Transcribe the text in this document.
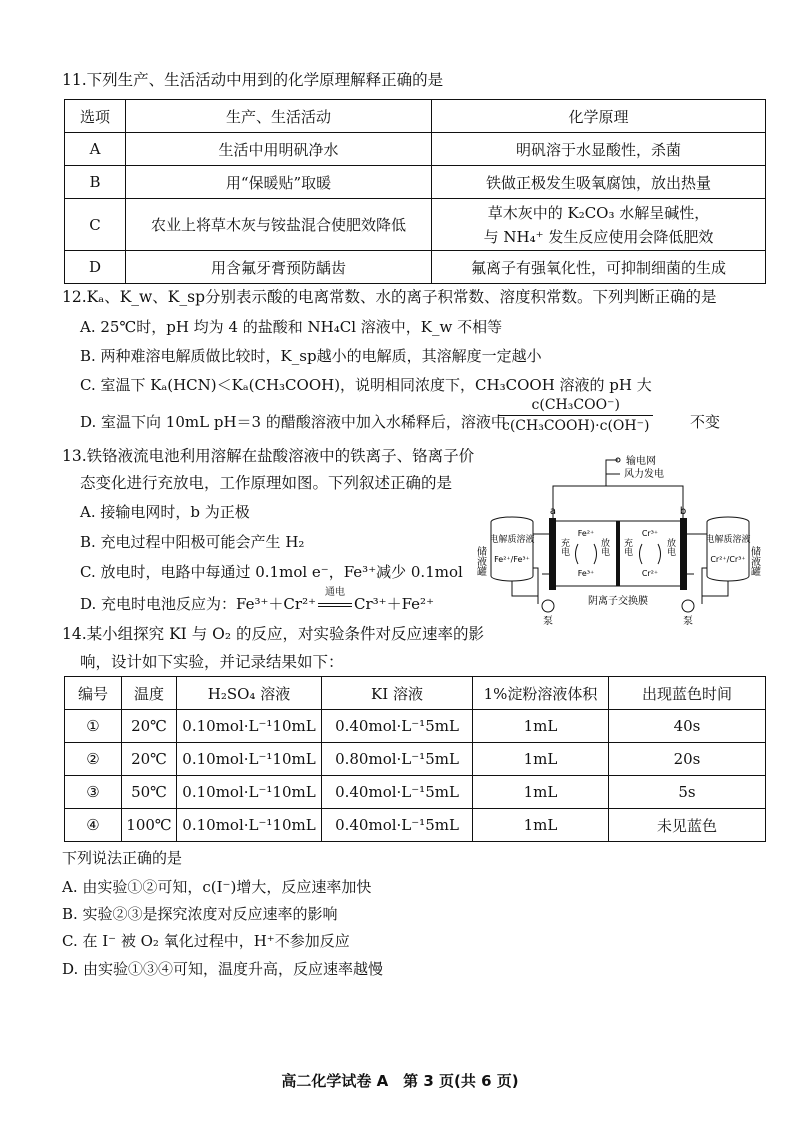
11.下列生产、生活活动中用到的化学原理解释正确的是
选项	生产、生活活动	化学原理
A	生活中用明矾净水	明矾溶于水显酸性，杀菌
B	用“保暖贴”取暖	铁做正极发生吸氧腐蚀，放出热量
C	农业上将草木灰与铵盐混合使肥效降低	草木灰中的 K₂CO₃ 水解呈碱性，
与 NH₄⁺ 发生反应使用会降低肥效

D	用含氟牙膏预防龋齿	氟离子有强氧化性，可抑制细菌的生成
12.Kₐ、K_w、K_sp分别表示酸的电离常数、水的离子积常数、溶度积常数。下列判断正确的是
A. 25℃时，pH 均为 4 的盐酸和 NH₄Cl 溶液中，K_w 不相等
B. 两种难溶电解质做比较时，K_sp越小的电解质，其溶解度一定越小
C. 室温下 Kₐ(HCN)＜Kₐ(CH₃COOH)，说明相同浓度下，CH₃COOH 溶液的 pH 大
D. 室温下向 10mL pH＝3 的醋酸溶液中加入水稀释后，溶液中
c(CH₃COO⁻)
c(CH₃COOH)·c(OH⁻)	不变
13.铁铬液流电池利用溶解在盐酸溶液中的铁离子、铬离子价
态变化进行充放电，工作原理如图。下列叙述正确的是
A. 接输电网时，b 为正极
B. 充电过程中阳极可能会产生 H₂
C. 放电时，电路中每通过 0.1mol e⁻，Fe³⁺减少 0.1mol
D. 充电时电池反应为：Fe³⁺＋Cr²⁺
通电
Cr³⁺＋Fe²⁺
输电网
风力发电
储液罐
电解质溶液
Fe²⁺/Fe³⁺
电解质溶液
Cr²⁺/Cr³⁺ 储液罐
a	b
充电	放电
Fe²⁺
Fe³⁺
充电	放电
Cr³⁺
Cr²⁺
泵	泵
阴离子交换膜
14.某小组探究 KI 与 O₂ 的反应，对实验条件对反应速率的影
响，设计如下实验，并记录结果如下：
编号	温度	H₂SO₄ 溶液	KI 溶液	1%淀粉溶液体积	出现蓝色时间
①	20℃	0.10mol·L⁻¹10mL	0.40mol·L⁻¹5mL	1mL	40s
②	20℃	0.10mol·L⁻¹10mL	0.80mol·L⁻¹5mL	1mL	20s
③	50℃	0.10mol·L⁻¹10mL	0.40mol·L⁻¹5mL	1mL	5s
④	100℃	0.10mol·L⁻¹10mL	0.40mol·L⁻¹5mL	1mL	未见蓝色
下列说法正确的是
A. 由实验①②可知，c(I⁻)增大，反应速率加快
B. 实验②③是探究浓度对反应速率的影响
C. 在 I⁻ 被 O₂ 氧化过程中，H⁺不参加反应
D. 由实验①③④可知，温度升高，反应速率越慢
高二化学试卷 A　第 3 页(共 6 页)
